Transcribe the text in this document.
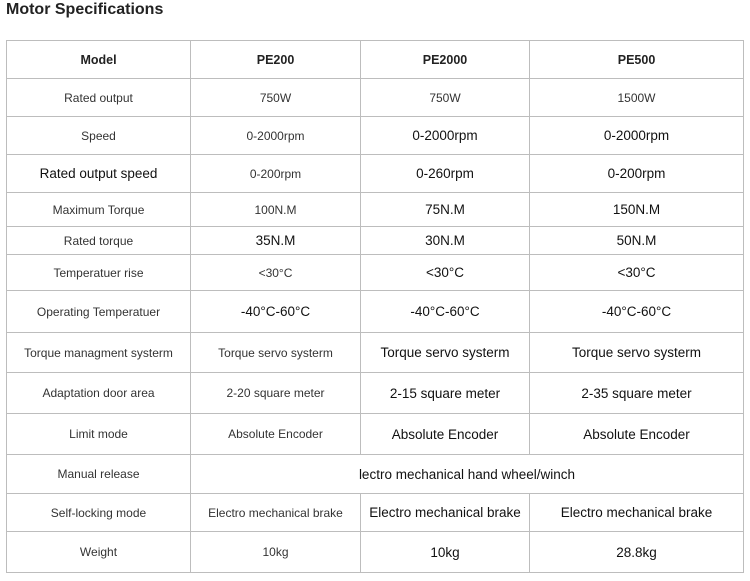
Motor Specifications
Model	PE200	PE2000	PE500
Rated output	750W	750W	1500W
Speed	0-2000rpm	0-2000rpm	0-2000rpm
Rated output speed	0-200rpm	0-260rpm	0-200rpm
Maximum Torque	100N.M	75N.M	150N.M
Rated torque	35N.M	30N.M	50N.M
Temperatuer rise	<30°C	<30°C	<30°C
Operating Temperatuer	-40°C-60°C	-40°C-60°C	-40°C-60°C
Torque managment systerm	Torque servo systerm	Torque servo systerm	Torque servo systerm
Adaptation door area	2-20 square meter	2-15 square meter	2-35 square meter
Limit mode	Absolute Encoder	Absolute Encoder	Absolute Encoder
Manual release	lectro mechanical hand wheel/winch		
Self-locking mode	Electro mechanical brake	Electro mechanical brake	Electro mechanical brake
Weight	10kg	10kg	28.8kg
